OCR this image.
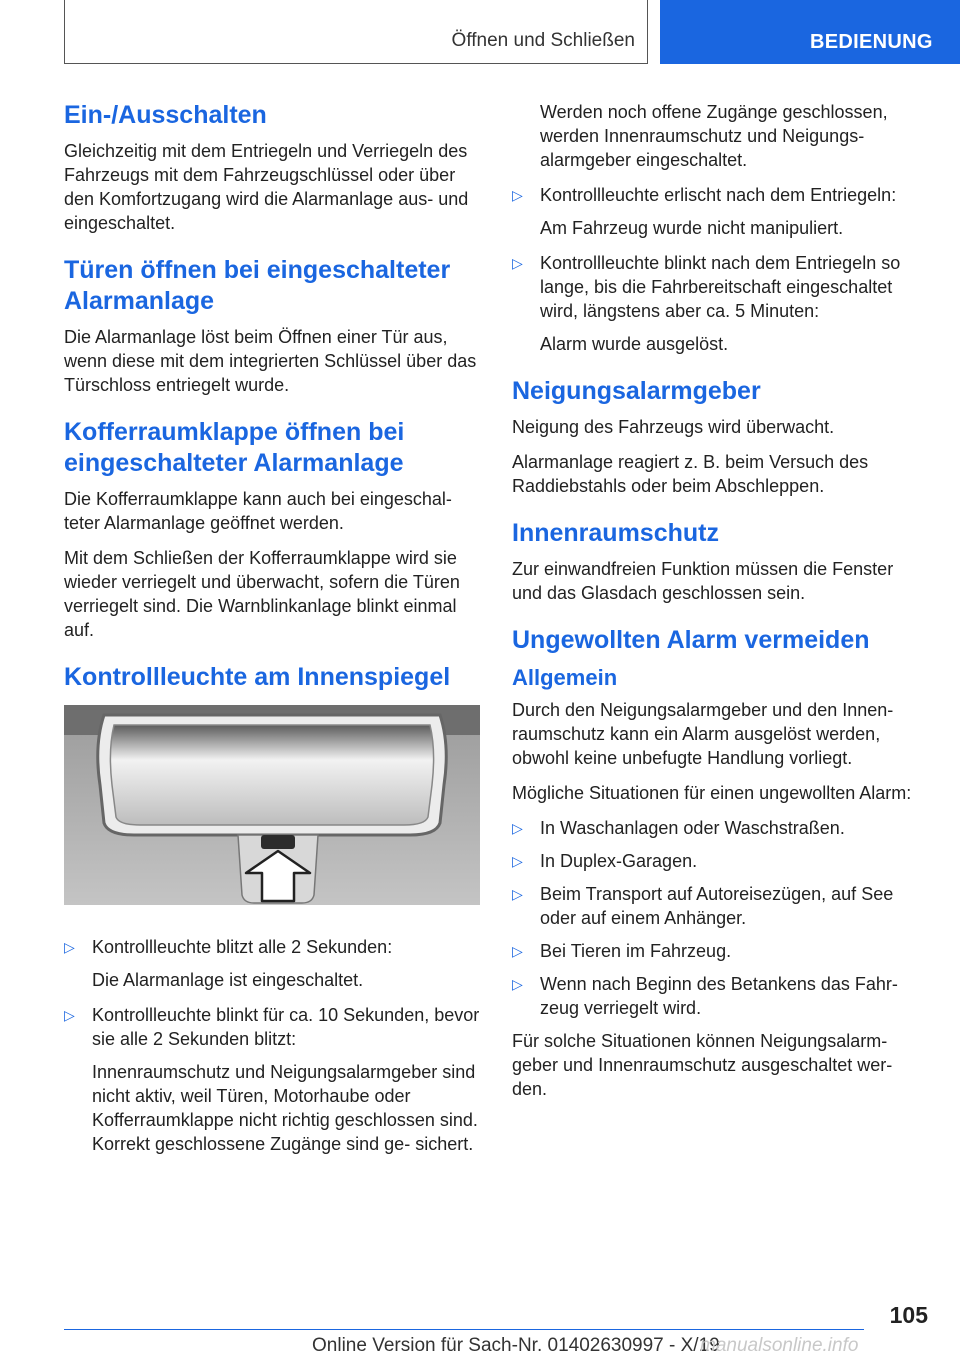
Öffnen und Schließen	BEDIENUNG
Ein-/Ausschalten

Gleichzeitig mit dem Entriegeln und Verriegeln des Fahrzeugs mit dem Fahrzeugschlüssel oder über den Komfortzugang wird die Alarmanlage aus- und eingeschaltet.

Türen öffnen bei eingeschalteter Alarmanlage

Die Alarmanlage löst beim Öffnen einer Tür aus, wenn diese mit dem integrierten Schlüssel über das Türschloss entriegelt wurde.

Kofferraumklappe öffnen bei eingeschalteter Alarmanlage

Die Kofferraumklappe kann auch bei eingeschal‐ teter Alarmanlage geöffnet werden.

Mit dem Schließen der Kofferraumklappe wird sie wieder verriegelt und überwacht, sofern die Türen verriegelt sind. Die Warnblinkanlage blinkt einmal auf.

Kontrollleuchte am Innenspiegel
▷ Kontrollleuchte blitzt alle 2 Sekunden:

Die Alarmanlage ist eingeschaltet.

▷ Kontrollleuchte blinkt für ca. 10 Sekunden, bevor sie alle 2 Sekunden blitzt:

Innenraumschutz und Neigungsalarmgeber sind nicht aktiv, weil Türen, Motorhaube oder Kofferraumklappe nicht richtig geschlossen sind. Korrekt geschlossene Zugänge sind ge‐ sichert.

Werden noch offene Zugänge geschlossen, werden Innenraumschutz und Neigungs‐ alarmgeber eingeschaltet.

▷ Kontrollleuchte erlischt nach dem Entriegeln:

Am Fahrzeug wurde nicht manipuliert.

▷ Kontrollleuchte blinkt nach dem Entriegeln so lange, bis die Fahrbereitschaft eingeschaltet wird, längstens aber ca. 5 Minuten:

Alarm wurde ausgelöst.

Neigungsalarmgeber

Neigung des Fahrzeugs wird überwacht.

Alarmanlage reagiert z. B. beim Versuch des Raddiebstahls oder beim Abschleppen.

Innenraumschutz

Zur einwandfreien Funktion müssen die Fenster und das Glasdach geschlossen sein.

Ungewollten Alarm vermeiden
Allgemein

Durch den Neigungsalarmgeber und den Innen‐ raumschutz kann ein Alarm ausgelöst werden, obwohl keine unbefugte Handlung vorliegt.

Mögliche Situationen für einen ungewollten Alarm:

▷ In Waschanlagen oder Waschstraßen.
▷ In Duplex-Garagen.
▷ Beim Transport auf Autoreisezügen, auf See oder auf einem Anhänger.
▷ Bei Tieren im Fahrzeug.
▷ Wenn nach Beginn des Betankens das Fahr‐ zeug verriegelt wird.

Für solche Situationen können Neigungsalarm‐ geber und Innenraumschutz ausgeschaltet wer‐ den.

105
Online Version für Sach-Nr. 01402630997 - X/19
manualsonline.info
